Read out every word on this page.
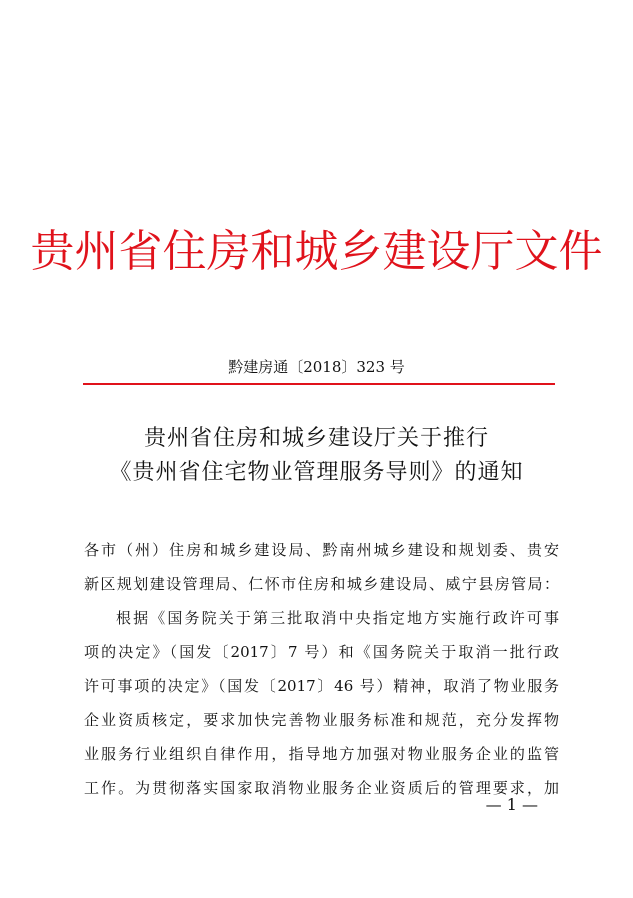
贵州省住房和城乡建设厅文件
黔建房通〔2018〕323 号
贵州省住房和城乡建设厅关于推行
《贵州省住宅物业管理服务导则》的通知
各市（州）住房和城乡建设局、黔南州城乡建设和规划委、贵安
新区规划建设管理局、仁怀市住房和城乡建设局、威宁县房管局：
根据《国务院关于第三批取消中央指定地方实施行政许可事
项的决定》（国发〔2017〕7 号）和《国务院关于取消一批行政
许可事项的决定》（国发〔2017〕46 号）精神，取消了物业服务
企业资质核定，要求加快完善物业服务标准和规范，充分发挥物
业服务行业组织自律作用，指导地方加强对物业服务企业的监管
工作。为贯彻落实国家取消物业服务企业资质后的管理要求，加
— 1 —
